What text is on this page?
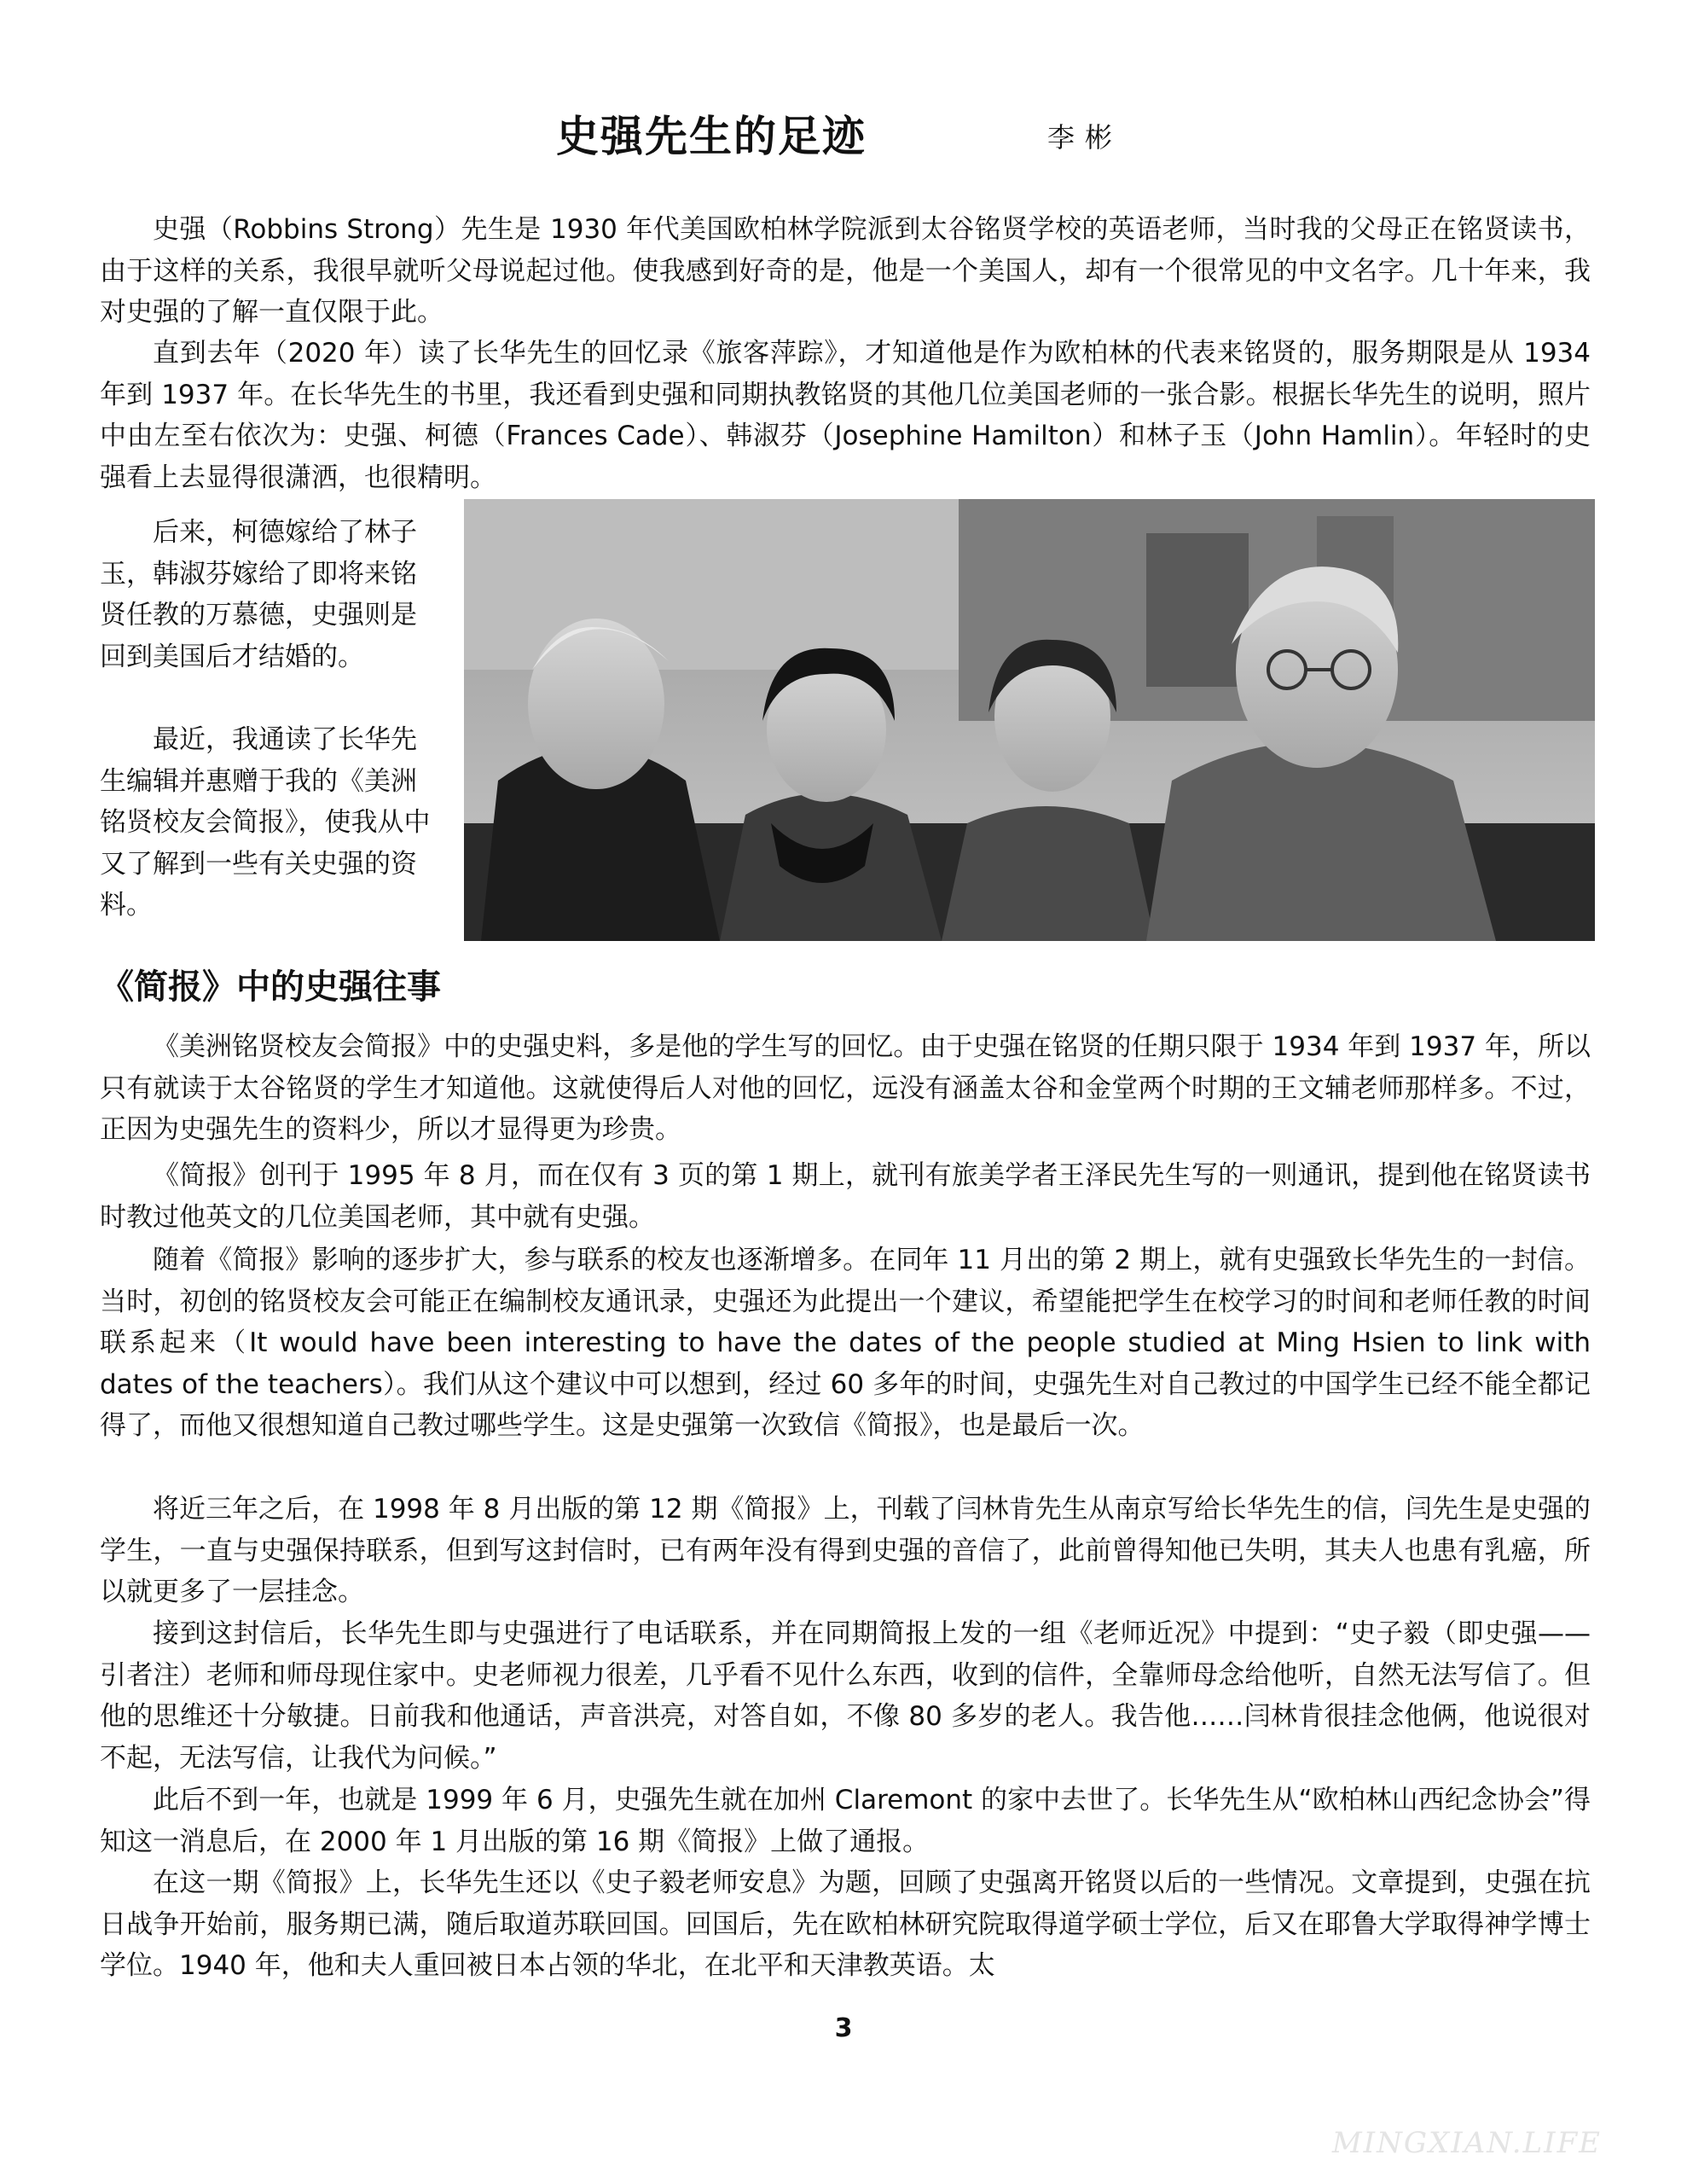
史强先生的足迹	李彬

史强（Robbins Strong）先生是 1930 年代美国欧柏林学院派到太谷铭贤学校的英语老师，当时我的父母正在铭贤读书，由于这样的关系，我很早就听父母说起过他。使我感到好奇的是，他是一个美国人，却有一个很常见的中文名字。几十年来，我对史强的了解一直仅限于此。

直到去年（2020 年）读了长华先生的回忆录《旅客萍踪》，才知道他是作为欧柏林的代表来铭贤的，服务期限是从 1934 年到 1937 年。在长华先生的书里，我还看到史强和同期执教铭贤的其他几位美国老师的一张合影。根据长华先生的说明，照片中由左至右依次为：史强、柯德（Frances Cade）、韩淑芬（Josephine Hamilton）和林子玉（John Hamlin）。年轻时的史强看上去显得很潇洒，也很精明。

后来，柯德嫁给了林子玉，韩淑芬嫁给了即将来铭贤任教的万慕德，史强则是回到美国后才结婚的。

最近，我通读了长华先生编辑并惠赠于我的《美洲铭贤校友会简报》，使我从中又了解到一些有关史强的资料。

《简报》中的史强往事

《美洲铭贤校友会简报》中的史强史料，多是他的学生写的回忆。由于史强在铭贤的任期只限于 1934 年到 1937 年，所以只有就读于太谷铭贤的学生才知道他。这就使得后人对他的回忆，远没有涵盖太谷和金堂两个时期的王文辅老师那样多。不过，正因为史强先生的资料少，所以才显得更为珍贵。

《简报》创刊于 1995 年 8 月，而在仅有 3 页的第 1 期上，就刊有旅美学者王泽民先生写的一则通讯，提到他在铭贤读书时教过他英文的几位美国老师，其中就有史强。

随着《简报》影响的逐步扩大，参与联系的校友也逐渐增多。在同年 11 月出的第 2 期上，就有史强致长华先生的一封信。当时，初创的铭贤校友会可能正在编制校友通讯录，史强还为此提出一个建议，希望能把学生在校学习的时间和老师任教的时间联系起来（It would have been interesting to have the dates of the people studied at Ming Hsien to link with dates of the teachers）。我们从这个建议中可以想到，经过 60 多年的时间，史强先生对自己教过的中国学生已经不能全都记得了，而他又很想知道自己教过哪些学生。这是史强第一次致信《简报》，也是最后一次。

将近三年之后，在 1998 年 8 月出版的第 12 期《简报》上，刊载了闫林肯先生从南京写给长华先生的信，闫先生是史强的学生，一直与史强保持联系，但到写这封信时，已有两年没有得到史强的音信了，此前曾得知他已失明，其夫人也患有乳癌，所以就更多了一层挂念。

接到这封信后，长华先生即与史强进行了电话联系，并在同期简报上发的一组《老师近况》中提到：“史子毅（即史强——引者注）老师和师母现住家中。史老师视力很差，几乎看不见什么东西，收到的信件，全靠师母念给他听，自然无法写信了。但他的思维还十分敏捷。日前我和他通话，声音洪亮，对答自如，不像 80 多岁的老人。我告他……闫林肯很挂念他俩，他说很对不起，无法写信，让我代为问候。”

此后不到一年，也就是 1999 年 6 月，史强先生就在加州 Claremont 的家中去世了。长华先生从“欧柏林山西纪念协会”得知这一消息后，在 2000 年 1 月出版的第 16 期《简报》上做了通报。

在这一期《简报》上，长华先生还以《史子毅老师安息》为题，回顾了史强离开铭贤以后的一些情况。文章提到，史强在抗日战争开始前，服务期已满，随后取道苏联回国。回国后，先在欧柏林研究院取得道学硕士学位，后又在耶鲁大学取得神学博士学位。1940 年，他和夫人重回被日本占领的华北，在北平和天津教英语。太

3
MINGXIAN.LIFE
